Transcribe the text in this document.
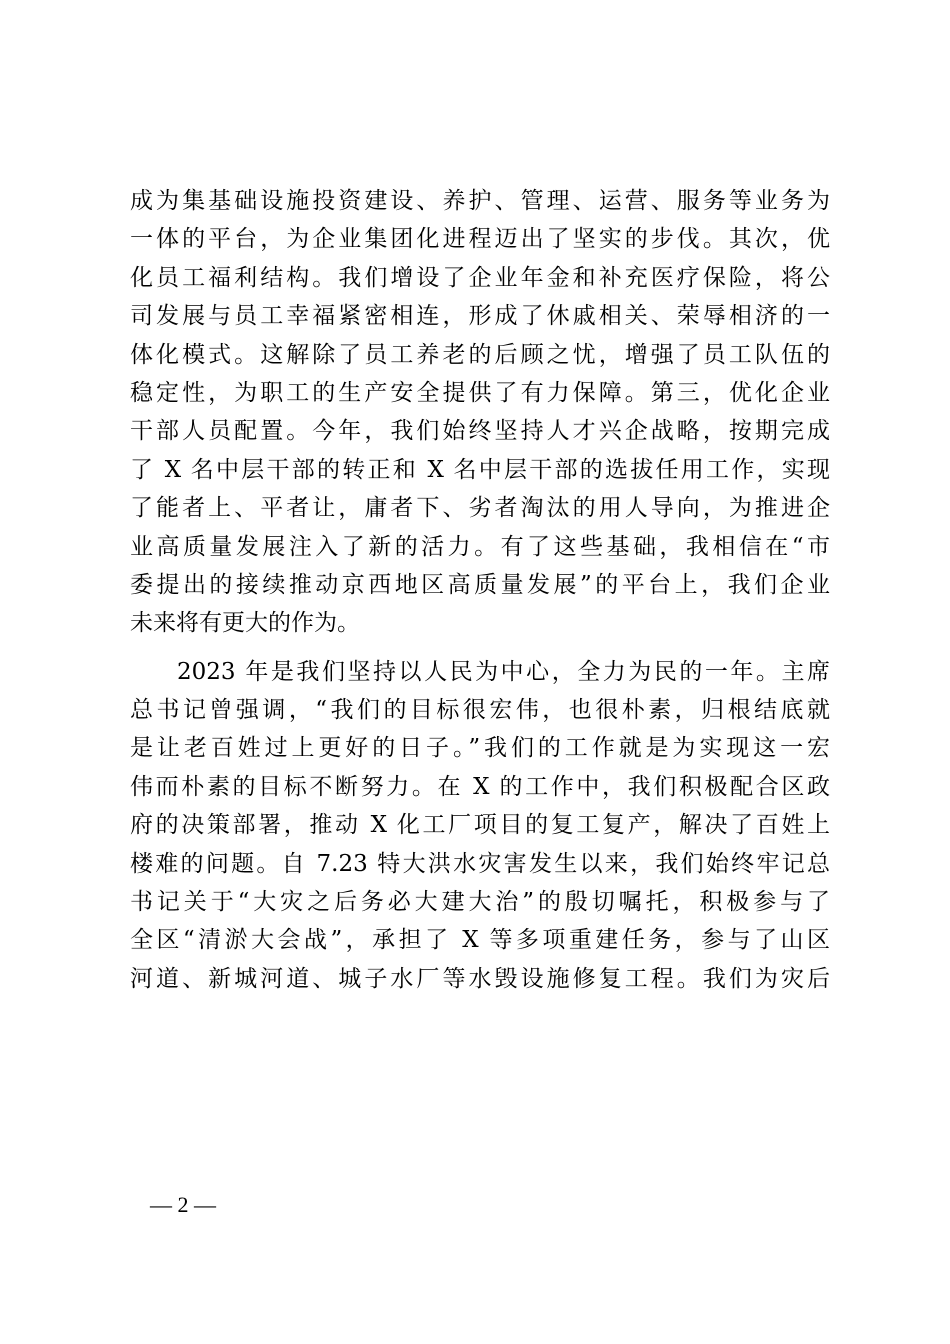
成为集基础设施投资建设、养护、管理、运营、服务等业务为
一体的平台，为企业集团化进程迈出了坚实的步伐。其次，优
化员工福利结构。我们增设了企业年金和补充医疗保险，将公
司发展与员工幸福紧密相连，形成了休戚相关、荣辱相济的一
体化模式。这解除了员工养老的后顾之忧，增强了员工队伍的
稳定性，为职工的生产安全提供了有力保障。第三，优化企业
干部人员配置。今年，我们始终坚持人才兴企战略，按期完成
了 X 名中层干部的转正和 X 名中层干部的选拔任用工作，实现
了能者上、平者让，庸者下、劣者淘汰的用人导向，为推进企
业高质量发展注入了新的活力。有了这些基础，我相信在“市
委提出的接续推动京西地区高质量发展”的平台上，我们企业
未来将有更大的作为。
2023 年是我们坚持以人民为中心，全力为民的一年。主席
总书记曾强调，“我们的目标很宏伟，也很朴素，归根结底就
是让老百姓过上更好的日子。”我们的工作就是为实现这一宏
伟而朴素的目标不断努力。在 X 的工作中，我们积极配合区政
府的决策部署，推动 X 化工厂项目的复工复产，解决了百姓上
楼难的问题。自 7.23 特大洪水灾害发生以来，我们始终牢记总
书记关于“大灾之后务必大建大治”的殷切嘱托，积极参与了
全区“清淤大会战”，承担了 X 等多项重建任务，参与了山区
河道、新城河道、城子水厂等水毁设施修复工程。我们为灾后
— 2 —
